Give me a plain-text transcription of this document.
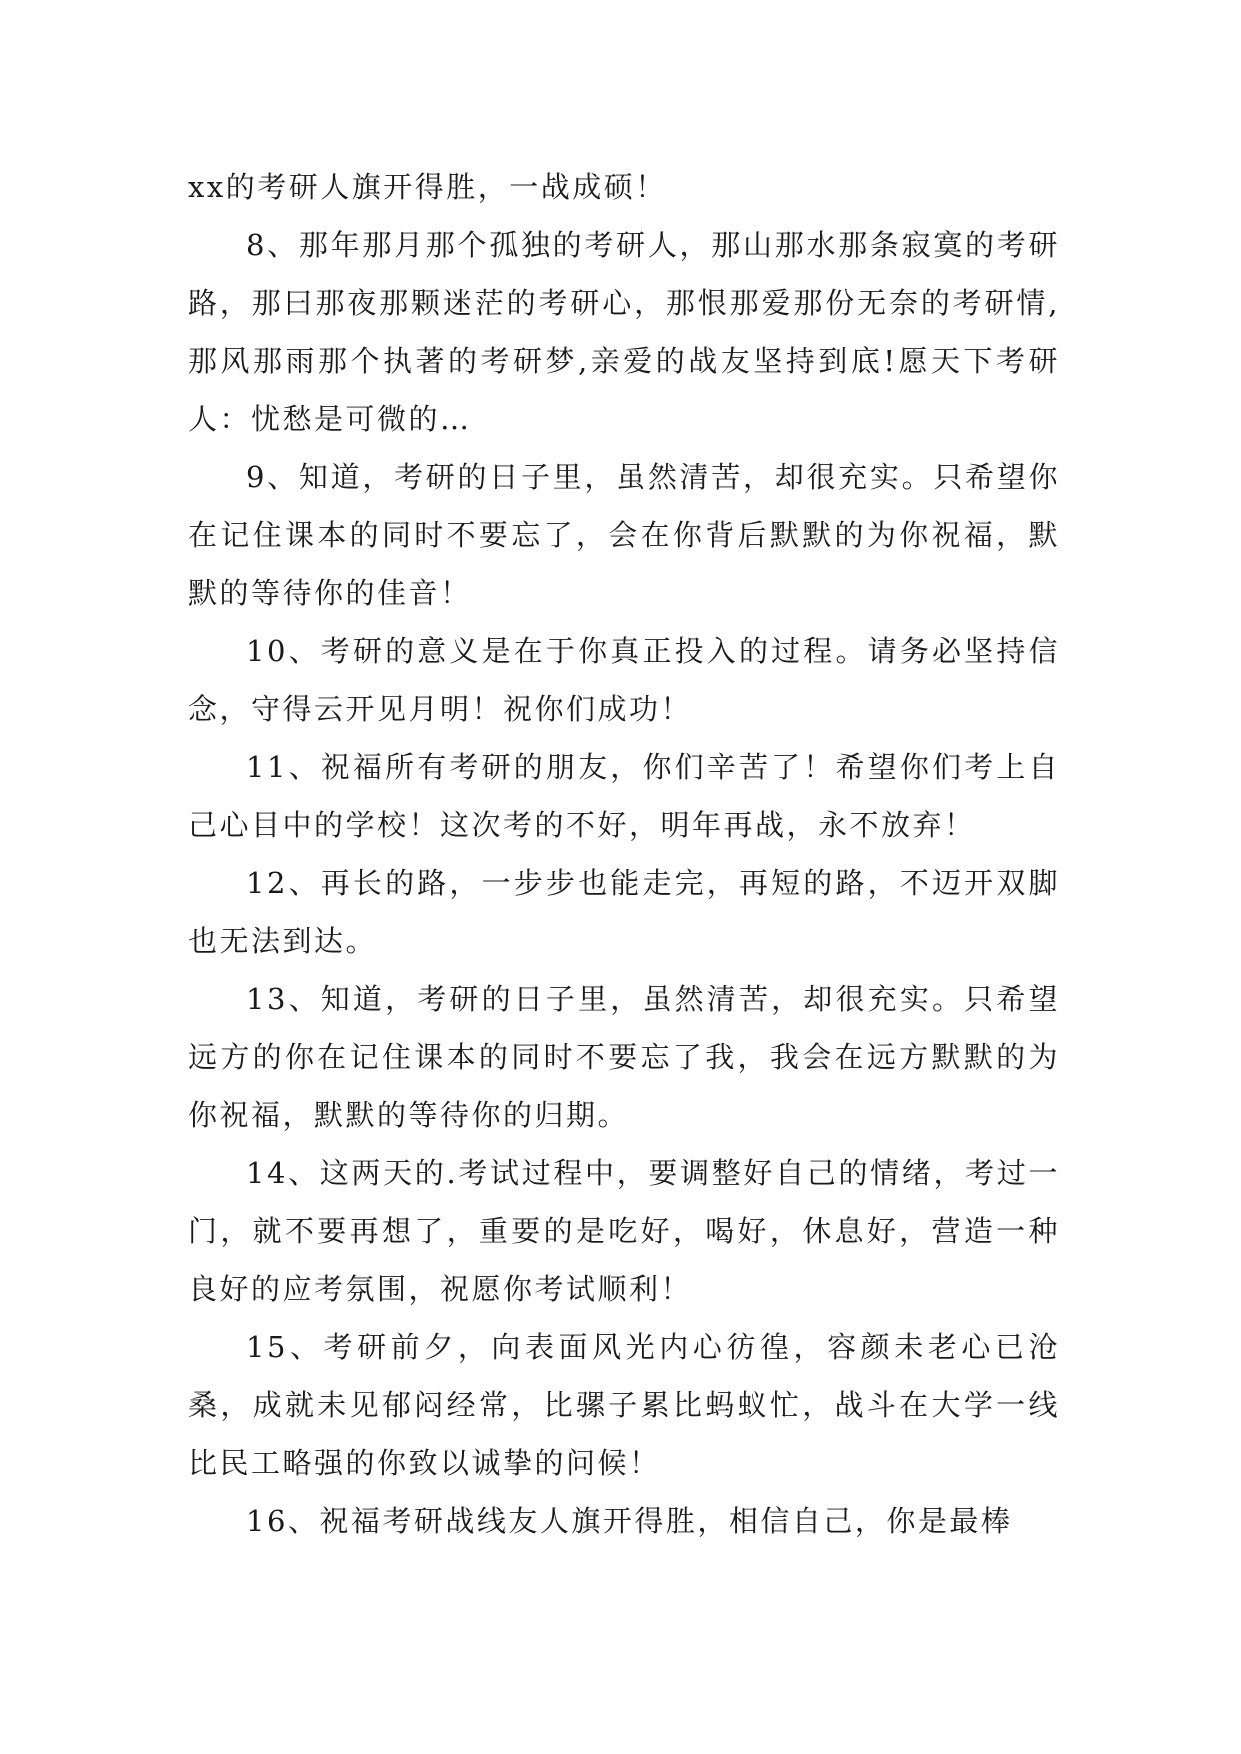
xx的考研人旗开得胜，一战成硕！

8、那年那月那个孤独的考研人，那山那水那条寂寞的考研路，那曰那夜那颗迷茫的考研心，那恨那爱那份无奈的考研情,那风那雨那个执著的考研梦,亲爱的战友坚持到底!愿天下考研人：忧愁是可微的…

9、知道，考研的日子里，虽然清苦，却很充实。只希望你在记住课本的同时不要忘了，会在你背后默默的为你祝福，默默的等待你的佳音！

10、考研的意义是在于你真正投入的过程。请务必坚持信念，守得云开见月明！祝你们成功！

11、祝福所有考研的朋友，你们辛苦了！希望你们考上自己心目中的学校！这次考的不好，明年再战，永不放弃！

12、再长的路，一步步也能走完，再短的路，不迈开双脚也无法到达。

13、知道，考研的日子里，虽然清苦，却很充实。只希望远方的你在记住课本的同时不要忘了我，我会在远方默默的为你祝福，默默的等待你的归期。

14、这两天的.考试过程中，要调整好自己的情绪，考过一门，就不要再想了，重要的是吃好，喝好，休息好，营造一种良好的应考氛围，祝愿你考试顺利！

15、考研前夕，向表面风光内心彷徨，容颜未老心已沧桑，成就未见郁闷经常，比骡子累比蚂蚁忙，战斗在大学一线比民工略强的你致以诚挚的问候！

16、祝福考研战线友人旗开得胜，相信自己，你是最棒
